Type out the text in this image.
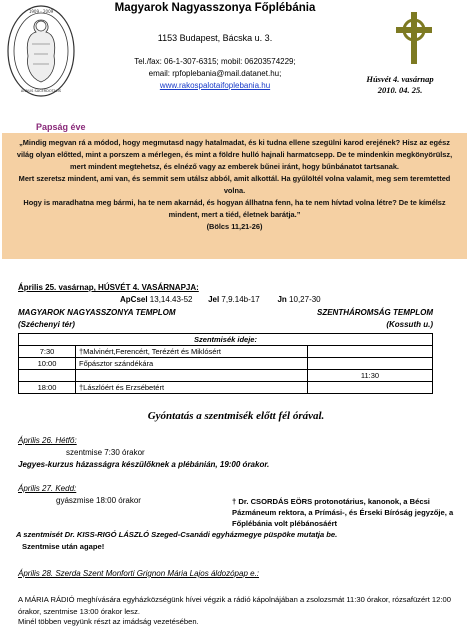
1909 - 2009
ANNUS SACERDOTALIS
Magyarok Nagyasszonya Főplébánia
1153 Budapest, Bácska u. 3.
Tel./fax: 06-1-307-6315; mobil: 06203574229;
email: rpfoplebania@mail.datanet.hu;
www.rakospalotaifoplebania.hu
Húsvét 4. vasárnap
2010. 04. 25.
Papság éve

„Mindig megvan rá a módod, hogy megmutasd nagy hatalmadat, és ki tudna ellene szegülni karod erejének? Hisz az egész világ olyan előtted, mint a porszem a mérlegen, és mint a földre hulló hajnali harmatcsepp. De te mindenkin megkönyörülsz, mert mindent megtehetsz, és elnéző vagy az emberek bűnei iránt, hogy bűnbánatot tartsanak.

Mert szeretsz mindent, ami van, és semmit sem utálsz abból, amit alkottál. Ha gyűlöltél volna valamit, meg sem teremtetted volna.

Hogy is maradhatna meg bármi, ha te nem akarnád, és hogyan állhatna fenn, ha te nem hívtad volna létre? De te kímélsz mindent, mert a tiéd, életnek barátja.”

(Bölcs 11,21-26)

Április 25. vasárnap, HÚSVÉT 4. VASÁRNAPJA:
ApCsel 13,14.43-52 Jel 7,9.14b-17 Jn 10,27-30
MAGYAROK NAGYASSZONYA TEMPLOM
(Széchenyi tér)
SZENTHÁROMSÁG TEMPLOM
(Kossuth u.)
Szentmisék ideje:		
7:30	†Malvinért,Ferencért, Terézért és Miklósért	
10:00	Főpásztor szándékára	
		11:30
18:00	†Lászlóért és Erzsébetért	
Gyóntatás a szentmisék előtt fél órával.
Április 26. Hétfő:
szentmise 7:30 órakor
Jegyes-kurzus házasságra készülőknek a plébánián, 19:00 órakor.
Április 27. Kedd:
gyászmise 18:00 órakor	† Dr. CSORDÁS EÖRS protonotárius, kanonok, a Bécsi Pázmáneum rektora, a Prímási-, és Érseki Bíróság jegyzője, a Főplébánia volt plébánosáért
A szentmisét Dr. KISS-RIGÓ LÁSZLÓ Szeged-Csanádi egyházmegye püspöke mutatja be.
Szentmise után agape!
Április 28. Szerda Szent Monforti Grignon Mária Lajos áldozópap e.:
A MÁRIA RÁDIÓ meghívására egyházközségünk hívei végzik a rádió kápolnájában a zsolozsmát 11:30 órakor, rózsafüzért 12:00 órakor, szentmise 13:00 órakor lesz.
Minél többen vegyünk részt az imádság vezetésében.
